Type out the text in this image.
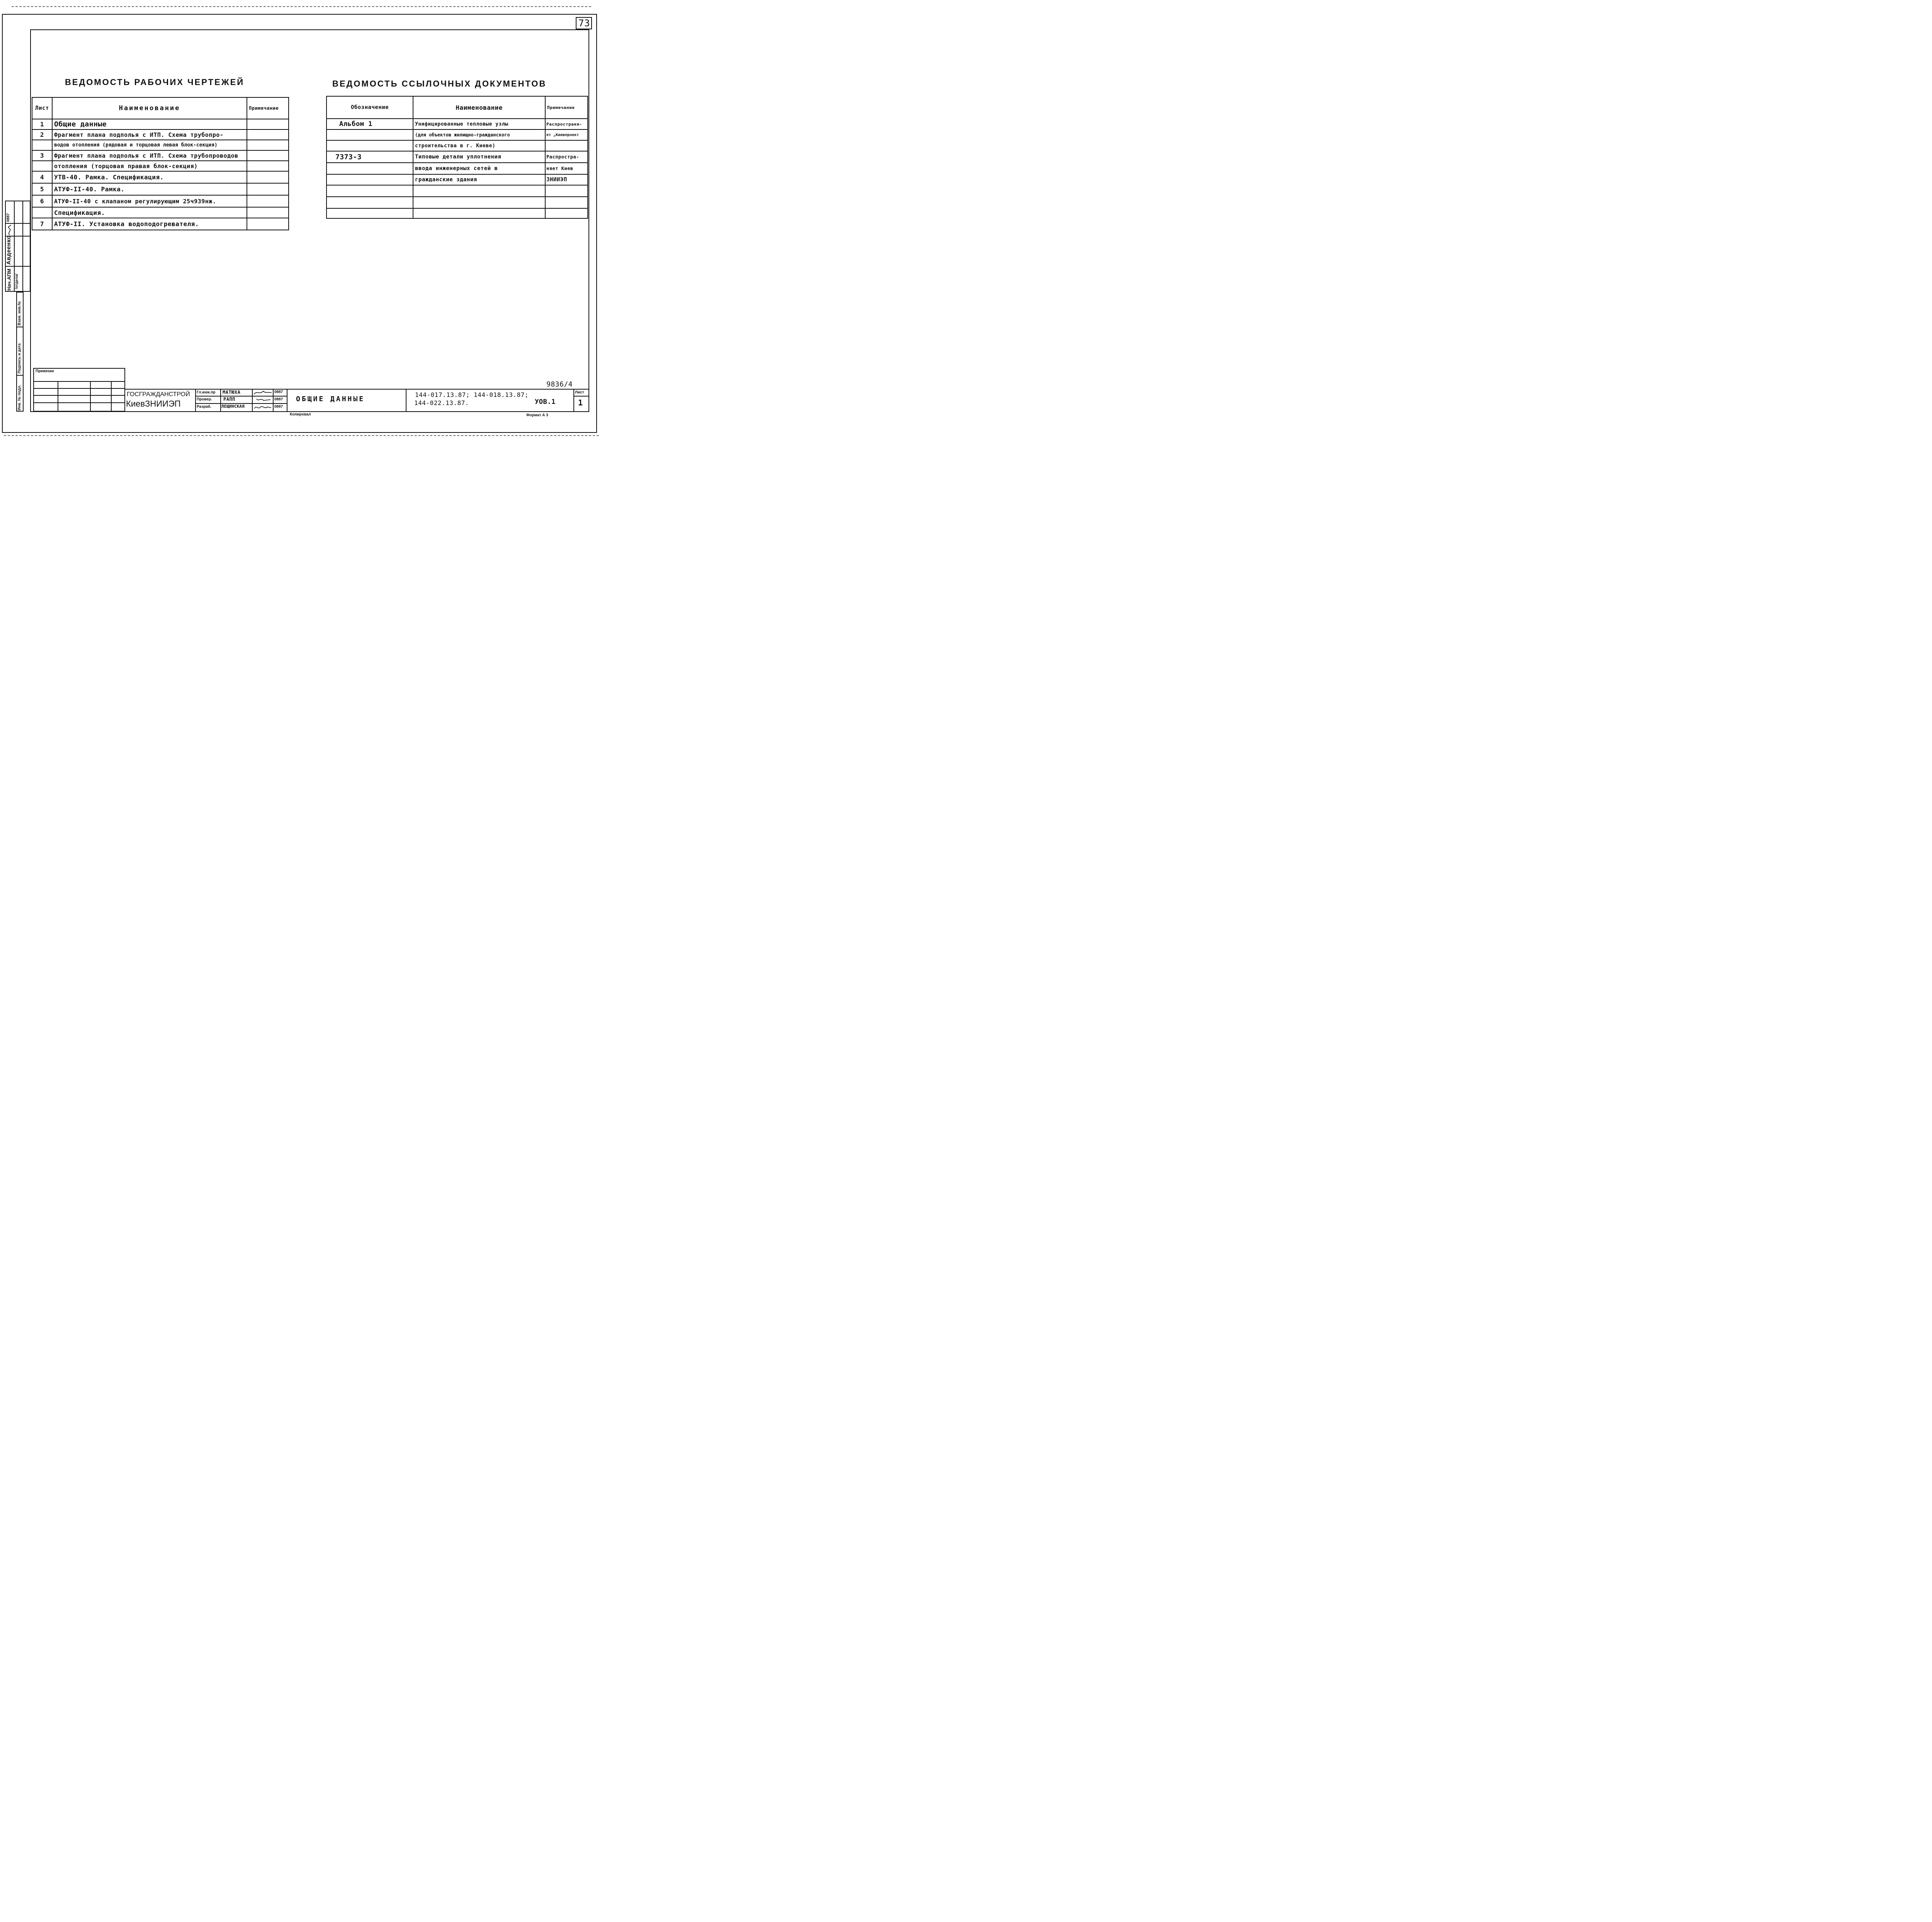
73
ВЕДОМОСТЬ РАБОЧИХ ЧЕРТЕЖЕЙ
Лист	Наименование	Примечание
1	Общие данные	
2	Фрагмент плана подполья с ИТП. Схема трубопро-	
	водов отопления (рядовая и торцовая левая блок-секция)	
3	Фрагмент плана подполья с ИТП. Схема трубопроводов	
	отопления (торцовая правая блок-секция)	
4	УТВ-40. Рамка. Спецификация.	
5	АТУФ-II-40. Рамка.	
6	АТУФ-II-40 с клапаном регулирующим 25ч939нж.	
	Спецификация.	
7	АТУФ-II. Установка водоподогревателя.	
ВЕДОМОСТЬ ССЫЛОЧНЫХ ДОКУМЕНТОВ
Обозначение	Наименование	Примечание
Альбом 1	Унифицированные тепловые узлы	Распространя-
	(для объектов жилищно-гражданского	ет „Киевпроект
	строительства в г. Киеве)	
7373-3	Типовые детали уплотнения	Распростра-
	ввода инженерных сетей в	няет Киев
	гражданские здания	ЗНИИЭП

Нач.АПМ
Авдеенко
0887
/отдела/
Взам. инв.№
Подпись и дата
Инв. № подл.
Привязан
ГОСГРАЖДАНСТРОЙ
КиевЗНИИЭП
Гл.инж.пр МАТЮХА	0887
Провер. РАПП	0887
Разраб. ЛЕЩИНСКАЯ	0887
ОБЩИЕ ДАННЫЕ
144-017.13.87; 144-018.13.87;
144-022.13.87.	УОВ.1
Лист
1
9836/4
Копировал	Формат А 3
